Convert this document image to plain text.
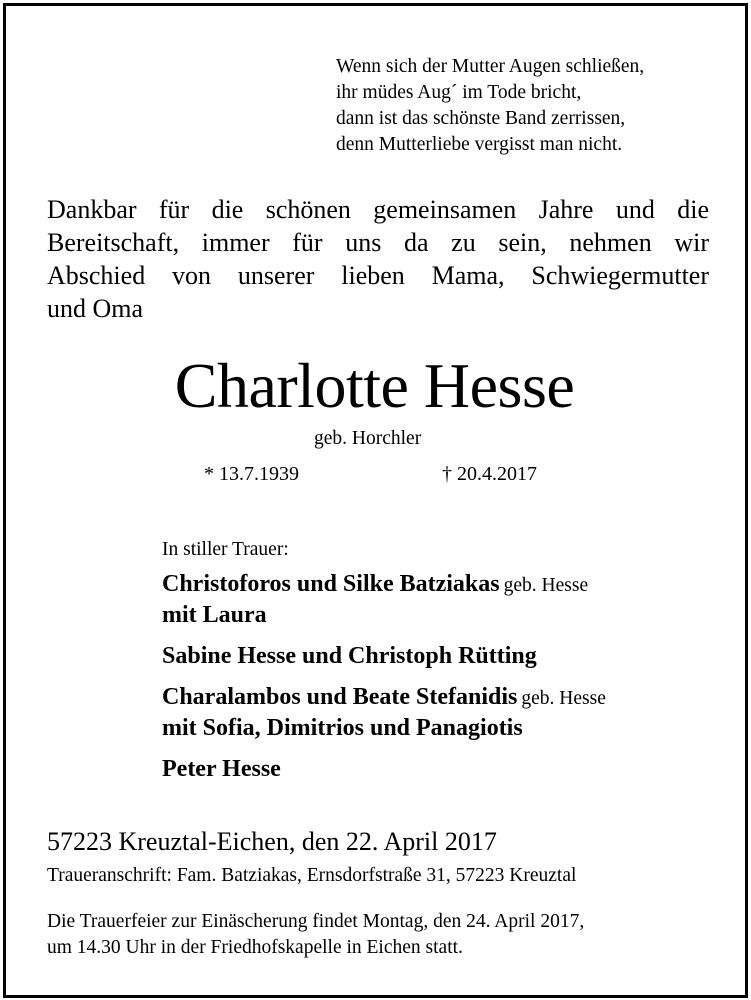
Wenn sich der Mutter Augen schließen,
ihr müdes Aug´ im Tode bricht,
dann ist das schönste Band zerrissen,
denn Mutterliebe vergisst man nicht.
Dankbar für die schönen gemeinsamen Jahre und die
Bereitschaft, immer für uns da zu sein, nehmen wir
Abschied von unserer lieben Mama, Schwiegermutter
und Oma
Charlotte Hesse
geb. Horchler
* 13.7.1939	† 20.4.2017
In stiller Trauer:
Christoforos und Silke Batziakas geb. Hesse
mit Laura
Sabine Hesse und Christoph Rütting
Charalambos und Beate Stefanidis geb. Hesse
mit Sofia, Dimitrios und Panagiotis
Peter Hesse
57223 Kreuztal-Eichen, den 22. April 2017
Traueranschrift: Fam. Batziakas, Ernsdorfstraße 31, 57223 Kreuztal
Die Trauerfeier zur Einäscherung findet Montag, den 24. April 2017,
um 14.30 Uhr in der Friedhofskapelle in Eichen statt.
